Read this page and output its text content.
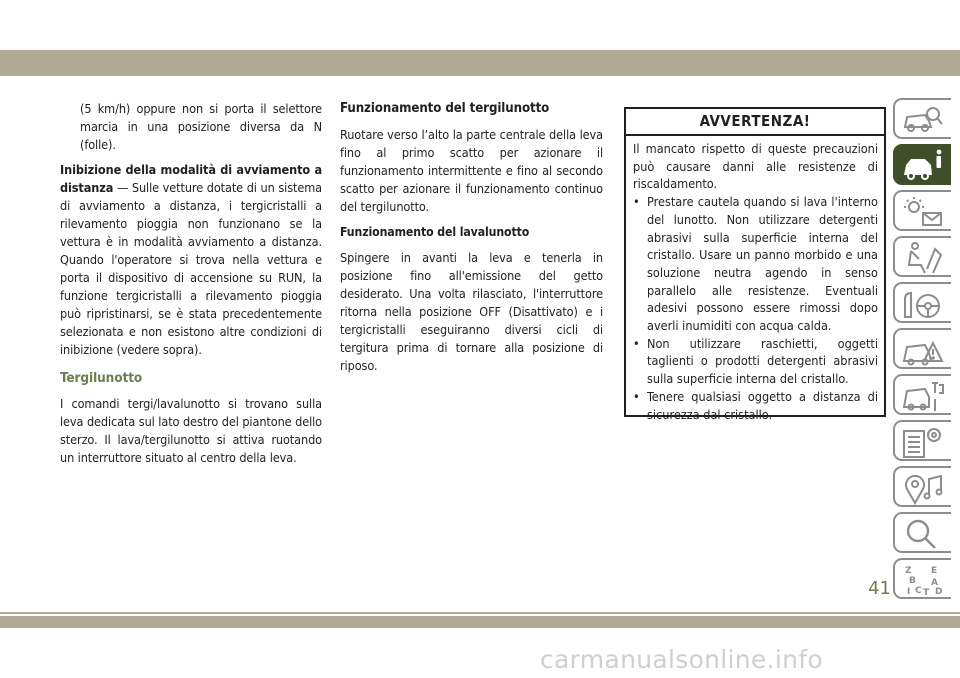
(5 km/h) oppure non si porta il selettore marcia in una posizione diversa da N (folle).

Inibizione della modalità di avviamento a distanza — Sulle vetture dotate di un sistema di avviamento a distanza, i tergicristalli a rilevamento pioggia non funzionano se la vettura è in modalità avviamento a distanza. Quando l'operatore si trova nella vettura e porta il dispositivo di accensione su RUN, la funzione tergicristalli a rilevamento pioggia può ripristinarsi, se è stata precedentemente selezionata e non esistono altre condizioni di inibizione (vedere sopra).

Tergilunotto

I comandi tergi/lavalunotto si trovano sulla leva dedicata sul lato destro del piantone dello sterzo. Il lava/tergilunotto si attiva ruotando un interruttore situato al centro della leva.

Funzionamento del tergilunotto

Ruotare verso l’alto la parte centrale della leva fino al primo scatto per azionare il funzionamento intermittente e fino al secondo scatto per azionare il funzionamento continuo del tergilunotto.

Funzionamento del lavalunotto

Spingere in avanti la leva e tenerla in posizione fino all'emissione del getto desiderato. Una volta rilasciato, l'interruttore ritorna nella posizione OFF (Disattivato) e i tergicristalli eseguiranno diversi cicli di tergitura prima di tornare alla posizione di riposo.

AVVERTENZA!

Il mancato rispetto di queste precauzioni può causare danni alle resistenze di riscaldamento.

• Prestare cautela quando si lava l'interno del lunotto. Non utilizzare detergenti abrasivi sulla superficie interna del cristallo. Usare un panno morbido e una soluzione neutra agendo in senso parallelo alle resistenze. Eventuali adesivi possono essere rimossi dopo averli inumiditi con acqua calda.
• Non utilizzare raschietti, oggetti taglienti o prodotti detergenti abrasivi sulla superficie interna del cristallo.
• Tenere qualsiasi oggetto a distanza di sicurezza dal cristallo.
Z E
B A
I C T D
41
carmanualsonline.info
